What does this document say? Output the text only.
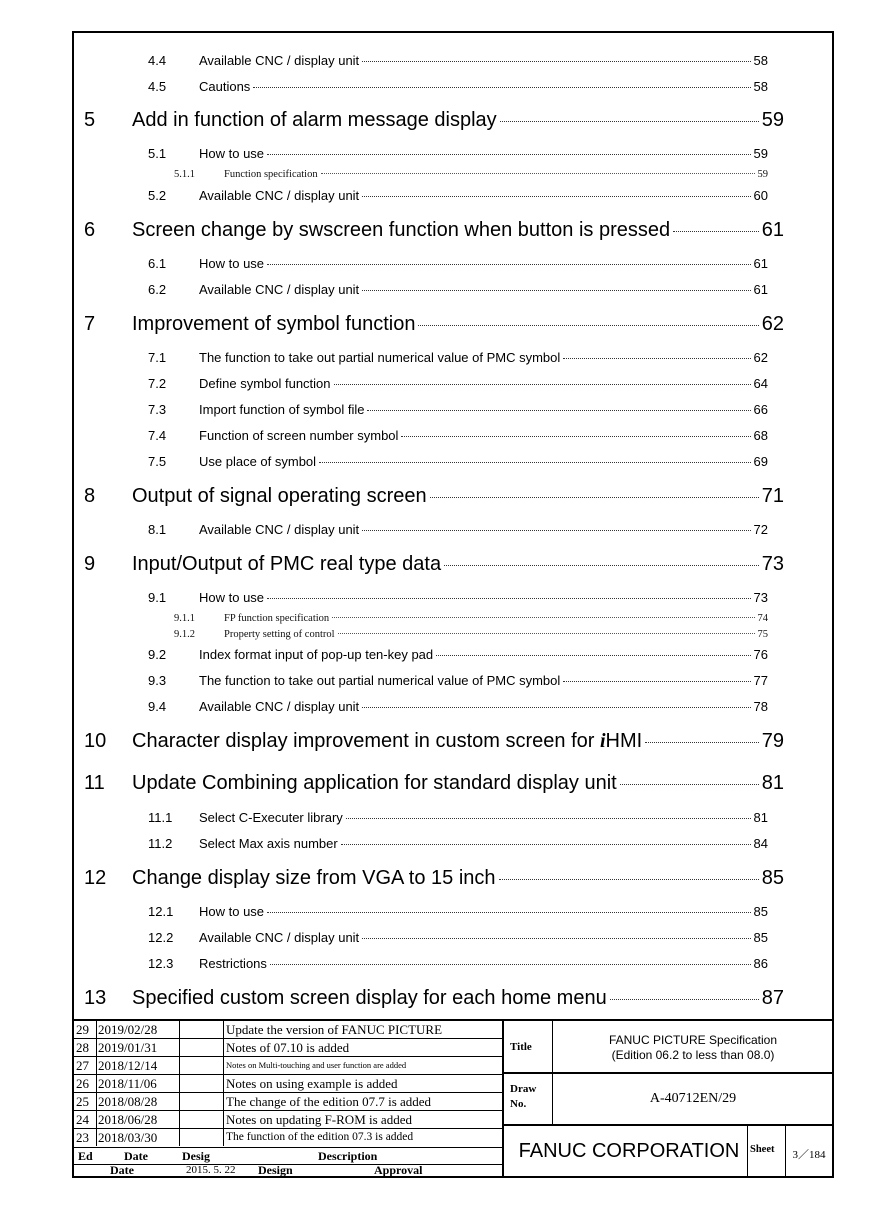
4.4	Available CNC / display unit	58
4.5	Cautions	58
5 Add in function of alarm message display	59
5.1	How to use	59
5.1.1	Function specification	59
5.2	Available CNC / display unit	60
6 Screen change by swscreen function when button is pressed	61
6.1	How to use	61
6.2	Available CNC / display unit	61
7 Improvement of symbol function	62
7.1	The function to take out partial numerical value of PMC symbol	62
7.2	Define symbol function	64
7.3	Import function of symbol file	66
7.4	Function of screen number symbol	68
7.5	Use place of symbol	69
8 Output of signal operating screen	71
8.1	Available CNC / display unit	72
9 Input/Output of PMC real type data	73
9.1	How to use	73
9.1.1	FP function specification	74
9.1.2	Property setting of control	75
9.2	Index format input of pop-up ten-key pad	76
9.3	The function to take out partial numerical value of PMC symbol	77
9.4	Available CNC / display unit	78
10 Character display improvement in custom screen for iHMI	79
11 Update Combining application for standard display unit	81
11.1 Select C-Executer library	81
11.2 Select Max axis number	84
12 Change display size from VGA to 15 inch	85
12.1 How to use	85
12.2 Available CNC / display unit	85
12.3 Restrictions	86
13 Specified custom screen display for each home menu	87
Ed	Date	Desig	Description
Date	2015. 5. 22 Design	Approval
29 2019/02/28	Update the version of FANUC PICTURE
28 2019/01/31	Notes of 07.10 is added
27 2018/12/14	Notes on Multi-touching and user function are added
26 2018/11/06	Notes on using example is added
25 2018/08/28	The change of the edition 07.7 is added
24 2018/06/28	Notes on updating F-ROM is added
23 2018/03/30	The function of the edition 07.3 is added
Title	FANUC PICTURE Specification
(Edition 06.2 to less than 08.0)
Draw No.	A-40712EN/29
FANUC CORPORATION	Sheet	3／184
